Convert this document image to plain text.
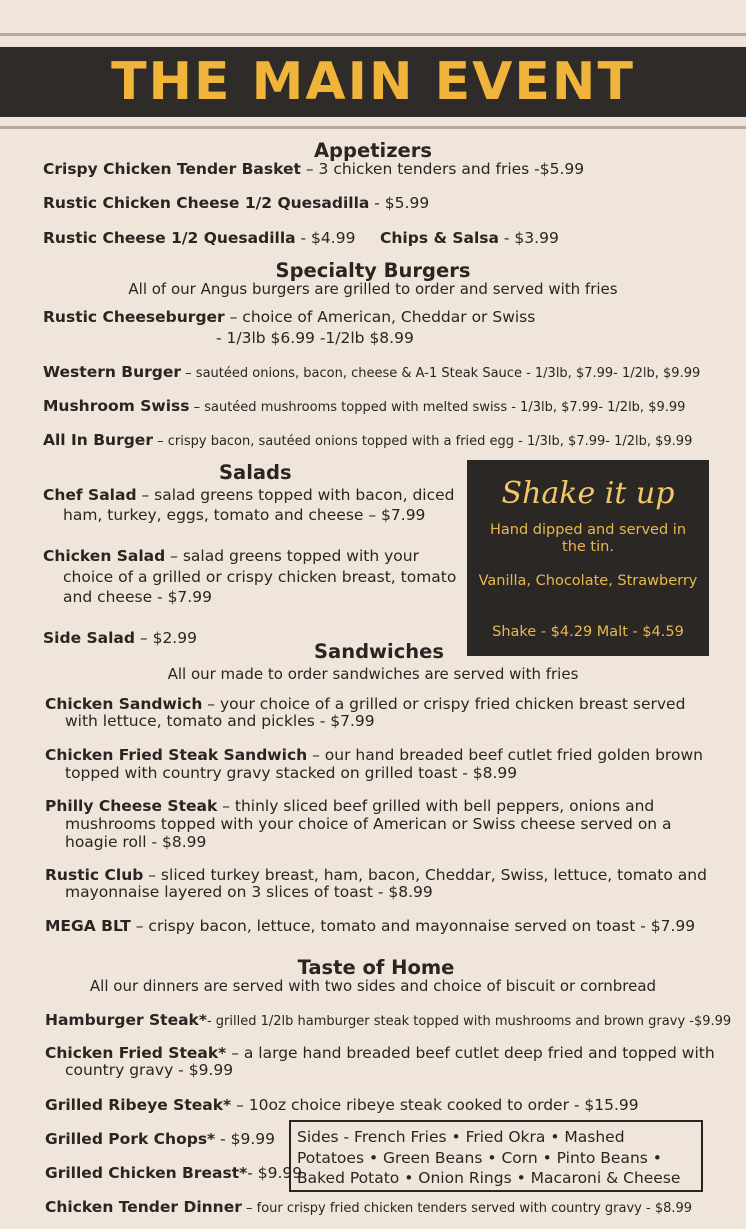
THE MAIN EVENT
Appetizers
Crispy Chicken Tender Basket – 3 chicken tenders and fries -$5.99
Rustic Chicken Cheese 1/2 Quesadilla - $5.99
Rustic Cheese 1/2 Quesadilla - $4.99 Chips & Salsa - $3.99
Specialty Burgers
All of our Angus burgers are grilled to order and served with fries
Rustic Cheeseburger – choice of American, Cheddar or Swiss
- 1/3lb $6.99 -1/2lb $8.99
Western Burger – sautéed onions, bacon, cheese & A-1 Steak Sauce - 1/3lb, $7.99- 1/2lb, $9.99
Mushroom Swiss – sautéed mushrooms topped with melted swiss - 1/3lb, $7.99- 1/2lb, $9.99
All In Burger – crispy bacon, sautéed onions topped with a fried egg - 1/3lb, $7.99- 1/2lb, $9.99
Salads
Chef Salad – salad greens topped with bacon, diced
ham, turkey, eggs, tomato and cheese – $7.99
Chicken Salad – salad greens topped with your
choice of a grilled or crispy chicken breast, tomato
and cheese - $7.99
Side Salad – $2.99
Shake it up
Hand dipped and served in the tin.
Vanilla, Chocolate, Strawberry
Shake - $4.29 Malt - $4.59
Sandwiches
All our made to order sandwiches are served with fries
Chicken Sandwich – your choice of a grilled or crispy fried chicken breast served
with lettuce, tomato and pickles - $7.99
Chicken Fried Steak Sandwich – our hand breaded beef cutlet fried golden brown
topped with country gravy stacked on grilled toast - $8.99
Philly Cheese Steak – thinly sliced beef grilled with bell peppers, onions and
mushrooms topped with your choice of American or Swiss cheese served on a
hoagie roll - $8.99
Rustic Club – sliced turkey breast, ham, bacon, Cheddar, Swiss, lettuce, tomato and
mayonnaise layered on 3 slices of toast - $8.99
MEGA BLT – crispy bacon, lettuce, tomato and mayonnaise served on toast - $7.99
Taste of Home
All our dinners are served with two sides and choice of biscuit or cornbread
Hamburger Steak*- grilled 1/2lb hamburger steak topped with mushrooms and brown gravy -$9.99
Chicken Fried Steak* – a large hand breaded beef cutlet deep fried and topped with
country gravy - $9.99
Grilled Ribeye Steak* – 10oz choice ribeye steak cooked to order - $15.99
Grilled Pork Chops* - $9.99
Grilled Chicken Breast*- $9.99
Chicken Tender Dinner – four crispy fried chicken tenders served with country gravy - $8.99
Sides - French Fries • Fried Okra • Mashed Potatoes • Green Beans • Corn • Pinto Beans • Baked Potato • Onion Rings • Macaroni & Cheese
